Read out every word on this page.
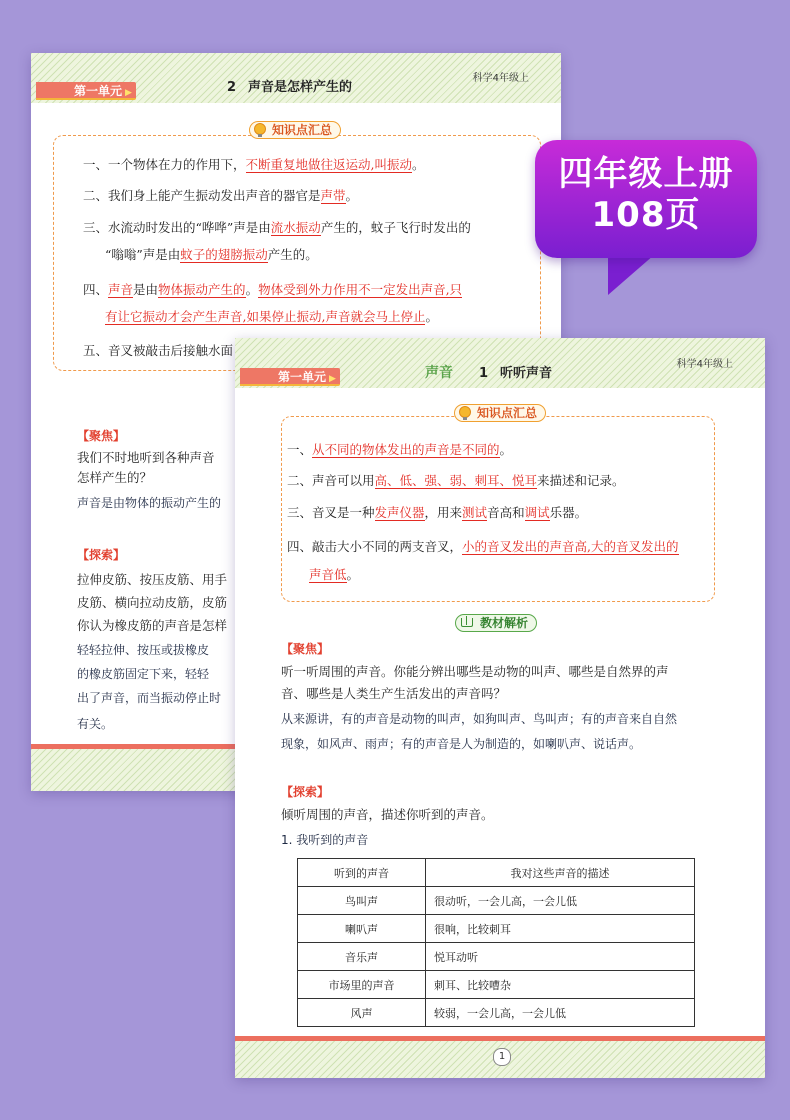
第一单元 ▶	2 声音是怎样产生的
科学4年级上
知识点汇总
一、一个物体在力的作用下，不断重复地做往返运动,叫振动。
二、我们身上能产生振动发出声音的器官是声带。
三、水流动时发出的“哗哗”声是由流水振动产生的，蚊子飞行时发出的
“嗡嗡”声是由蚊子的翅膀振动产生的。
四、声音是由物体振动产生的。物体受到外力作用不一定发出声音,只
有让它振动才会产生声音,如果停止振动,声音就会马上停止。
五、音叉被敲击后接触水面
【聚焦】
我们不时地听到各种声音
怎样产生的？
声音是由物体的振动产生的
【探索】
拉伸皮筋、按压皮筋、用手
皮筋、横向拉动皮筋，皮筋
你认为橡皮筋的声音是怎样
轻轻拉伸、按压或拔橡皮
的橡皮筋固定下来，轻轻
出了声音，而当振动停止时
有关。
第一单元 ▶	声音 1 听听声音
科学4年级上
知识点汇总
一、从不同的物体发出的声音是不同的。
二、声音可以用高、低、强、弱、刺耳、悦耳来描述和记录。
三、音叉是一种发声仪器，用来测试音高和调试乐器。
四、敲击大小不同的两支音叉，小的音叉发出的声音高,大的音叉发出的
声音低。
教材解析
【聚焦】
听一听周围的声音。你能分辨出哪些是动物的叫声、哪些是自然界的声
音、哪些是人类生产生活发出的声音吗？
从来源讲，有的声音是动物的叫声，如狗叫声、鸟叫声；有的声音来自自然
现象，如风声、雨声；有的声音是人为制造的，如喇叭声、说话声。
【探索】
倾听周围的声音，描述你听到的声音。
1. 我听到的声音
听到的声音	我对这些声音的描述
鸟叫声	很动听，一会儿高，一会儿低
喇叭声	很响，比较刺耳
音乐声	悦耳动听
市场里的声音	刺耳、比较嘈杂
风声	较弱，一会儿高，一会儿低
1
四年级上册
108页
